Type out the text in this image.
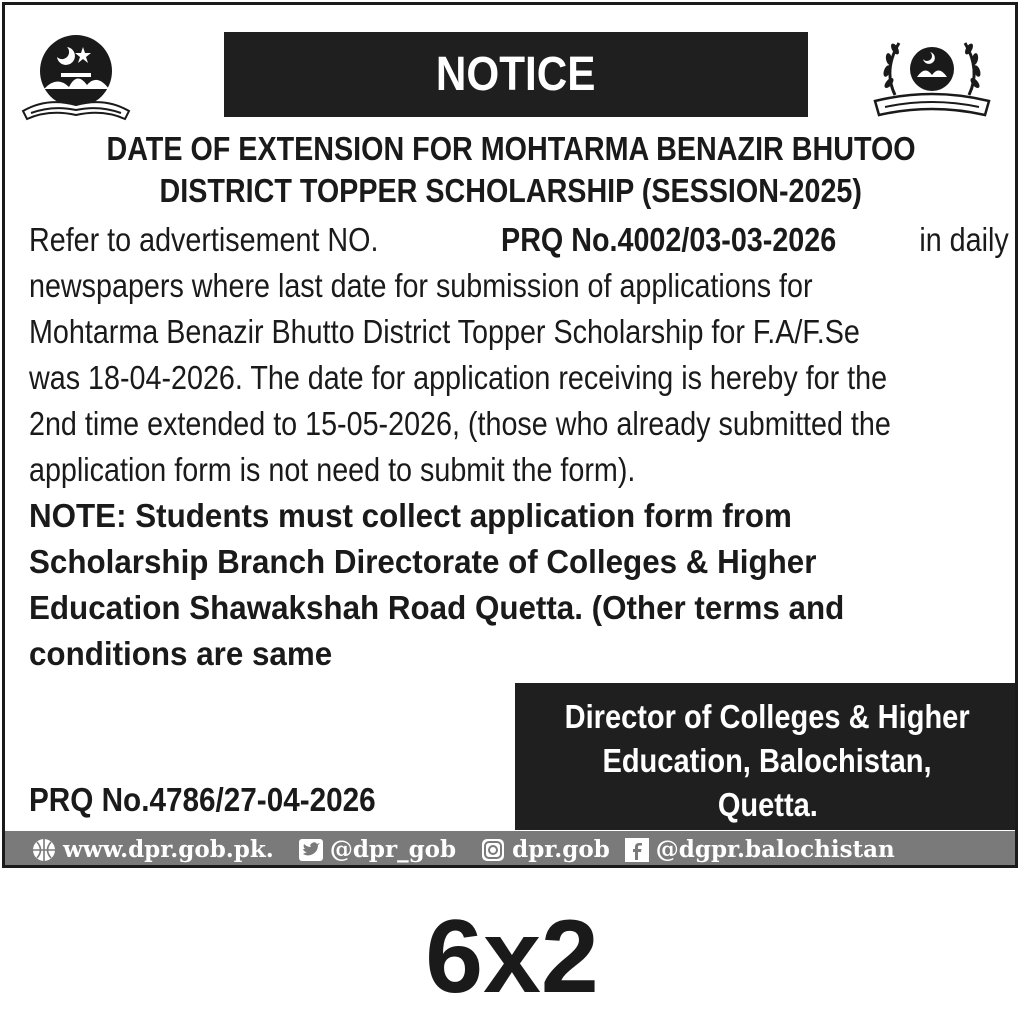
NOTICE
DATE OF EXTENSION FOR MOHTARMA BENAZIR BHUTOO
DISTRICT TOPPER SCHOLARSHIP (SESSION-2025)
Refer to advertisement NO.	PRQ No.4002/03-03-2026	in daily
newspapers where last date for submission of applications for
Mohtarma Benazir Bhutto District Topper Scholarship for F.A/F.Se
was 18-04-2026. The date for application receiving is hereby for the
2nd time extended to 15-05-2026, (those who already submitted the
application form is not need to submit the form).
NOTE: Students must collect application form from
Scholarship Branch Directorate of Colleges & Higher
Education Shawakshah Road Quetta. (Other terms and
conditions are same
Director of Colleges & Higher
Education, Balochistan,
Quetta.
PRQ No.4786/27-04-2026
www.dpr.gob.pk. @dpr_gob dpr.gob @dgpr.balochistan
6x2
